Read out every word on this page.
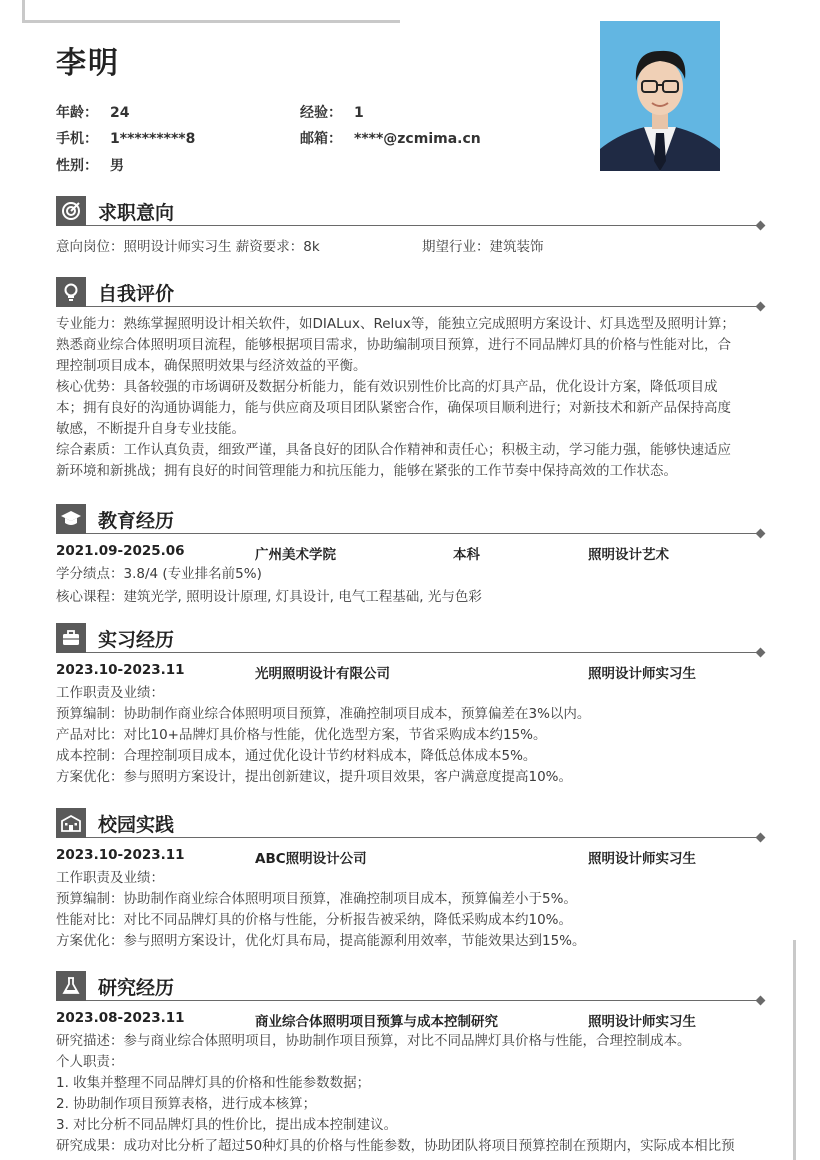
李明
年龄： 24	经验： 1
手机： 1*********8	邮箱： ****@zcmima.cn
性别： 男
求职意向
意向岗位：照明设计师实习生 薪资要求：8k	期望行业：建筑装饰
自我评价
专业能力：熟练掌握照明设计相关软件，如DIALux、Relux等，能独立完成照明方案设计、灯具选型及照明计算；
熟悉商业综合体照明项目流程，能够根据项目需求，协助编制项目预算，进行不同品牌灯具的价格与性能对比，合
理控制项目成本，确保照明效果与经济效益的平衡。
核心优势：具备较强的市场调研及数据分析能力，能有效识别性价比高的灯具产品，优化设计方案，降低项目成
本；拥有良好的沟通协调能力，能与供应商及项目团队紧密合作，确保项目顺利进行；对新技术和新产品保持高度
敏感，不断提升自身专业技能。
综合素质：工作认真负责，细致严谨，具备良好的团队合作精神和责任心；积极主动，学习能力强，能够快速适应
新环境和新挑战；拥有良好的时间管理能力和抗压能力，能够在紧张的工作节奏中保持高效的工作状态。
教育经历
2021.09-2025.06	广州美术学院	本科	照明设计艺术
学分绩点：3.8/4 (专业排名前5%)
核心课程：建筑光学, 照明设计原理, 灯具设计, 电气工程基础, 光与色彩
实习经历
2023.10-2023.11	光明照明设计有限公司	照明设计师实习生
工作职责及业绩：
预算编制：协助制作商业综合体照明项目预算，准确控制项目成本，预算偏差在3%以内。
产品对比：对比10+品牌灯具价格与性能，优化选型方案，节省采购成本约15%。
成本控制：合理控制项目成本，通过优化设计节约材料成本，降低总体成本5%。
方案优化：参与照明方案设计，提出创新建议，提升项目效果，客户满意度提高10%。
校园实践
2023.10-2023.11	ABC照明设计公司	照明设计师实习生
工作职责及业绩：
预算编制：协助制作商业综合体照明项目预算，准确控制项目成本，预算偏差小于5%。
性能对比：对比不同品牌灯具的价格与性能，分析报告被采纳，降低采购成本约10%。
方案优化：参与照明方案设计，优化灯具布局，提高能源利用效率，节能效果达到15%。
研究经历
2023.08-2023.11	商业综合体照明项目预算与成本控制研究	照明设计师实习生
研究描述：参与商业综合体照明项目，协助制作项目预算，对比不同品牌灯具价格与性能，合理控制成本。
个人职责：
1. 收集并整理不同品牌灯具的价格和性能参数数据；
2. 协助制作项目预算表格，进行成本核算；
3. 对比分析不同品牌灯具的性价比，提出成本控制建议。
研究成果：成功对比分析了超过50种灯具的价格与性能参数，协助团队将项目预算控制在预期内，实际成本相比预
